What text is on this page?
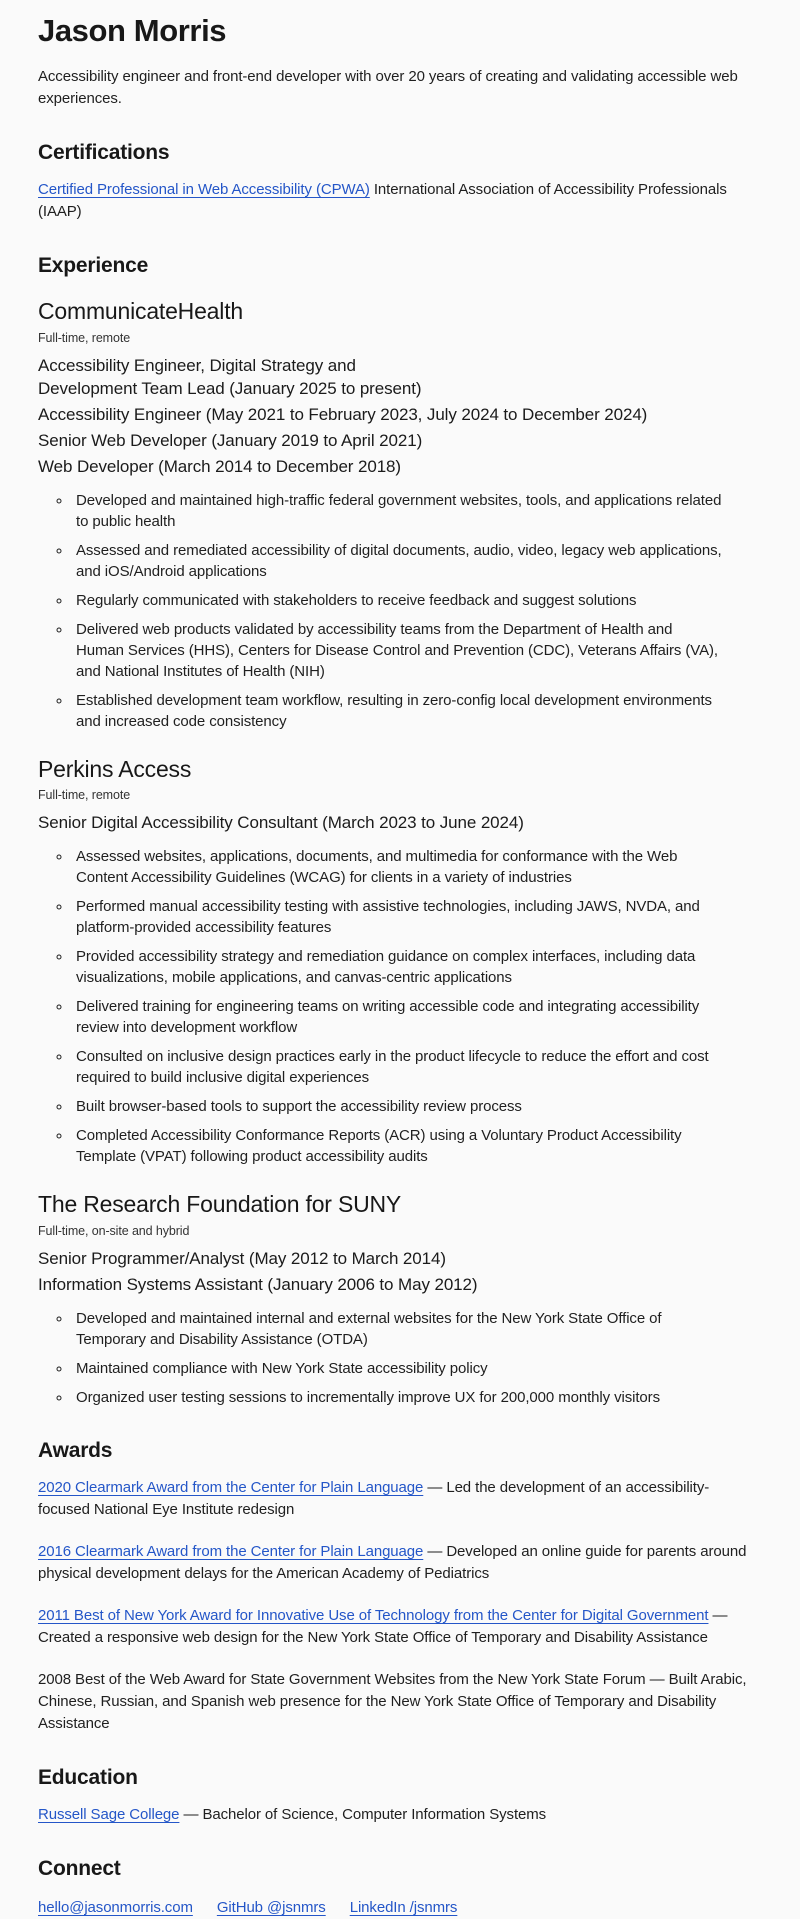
Jason Morris

Accessibility engineer and front-end developer with over 20 years of creating and validating accessible web experiences.

Certifications

Certified Professional in Web Accessibility (CPWA) International Association of Accessibility Professionals (IAAP)

Experience
CommunicateHealth

Full-time, remote

Accessibility Engineer, Digital Strategy and
Development Team Lead (January 2025 to present)

Accessibility Engineer (May 2021 to February 2023, July 2024 to December 2024)

Senior Web Developer (January 2019 to April 2021)

Web Developer (March 2014 to December 2018)

◦ Developed and maintained high-traffic federal government websites, tools, and applications related to public health
◦ Assessed and remediated accessibility of digital documents, audio, video, legacy web applications, and iOS/Android applications
◦ Regularly communicated with stakeholders to receive feedback and suggest solutions
◦ Delivered web products validated by accessibility teams from the Department of Health and Human Services (HHS), Centers for Disease Control and Prevention (CDC), Veterans Affairs (VA), and National Institutes of Health (NIH)
◦ Established development team workflow, resulting in zero-config local development environments and increased code consistency
Perkins Access

Full-time, remote

Senior Digital Accessibility Consultant (March 2023 to June 2024)

◦ Assessed websites, applications, documents, and multimedia for conformance with the Web Content Accessibility Guidelines (WCAG) for clients in a variety of industries
◦ Performed manual accessibility testing with assistive technologies, including JAWS, NVDA, and platform-provided accessibility features
◦ Provided accessibility strategy and remediation guidance on complex interfaces, including data visualizations, mobile applications, and canvas-centric applications
◦ Delivered training for engineering teams on writing accessible code and integrating accessibility review into development workflow
◦ Consulted on inclusive design practices early in the product lifecycle to reduce the effort and cost required to build inclusive digital experiences
◦ Built browser-based tools to support the accessibility review process
◦ Completed Accessibility Conformance Reports (ACR) using a Voluntary Product Accessibility Template (VPAT) following product accessibility audits
The Research Foundation for SUNY

Full-time, on-site and hybrid

Senior Programmer/Analyst (May 2012 to March 2014)

Information Systems Assistant (January 2006 to May 2012)

◦ Developed and maintained internal and external websites for the New York State Office of Temporary and Disability Assistance (OTDA)
◦ Maintained compliance with New York State accessibility policy
◦ Organized user testing sessions to incrementally improve UX for 200,000 monthly visitors
Awards

2020 Clearmark Award from the Center for Plain Language — Led the development of an accessibility-focused National Eye Institute redesign

2016 Clearmark Award from the Center for Plain Language — Developed an online guide for parents around physical development delays for the American Academy of Pediatrics

2011 Best of New York Award for Innovative Use of Technology from the Center for Digital Government — Created a responsive web design for the New York State Office of Temporary and Disability Assistance

2008 Best of the Web Award for State Government Websites from the New York State Forum — Built Arabic, Chinese, Russian, and Spanish web presence for the New York State Office of Temporary and Disability Assistance

Education

Russell Sage College — Bachelor of Science, Computer Information Systems

Connect

hello@jasonmorris.com GitHub @jsnmrs LinkedIn /jsnmrs
